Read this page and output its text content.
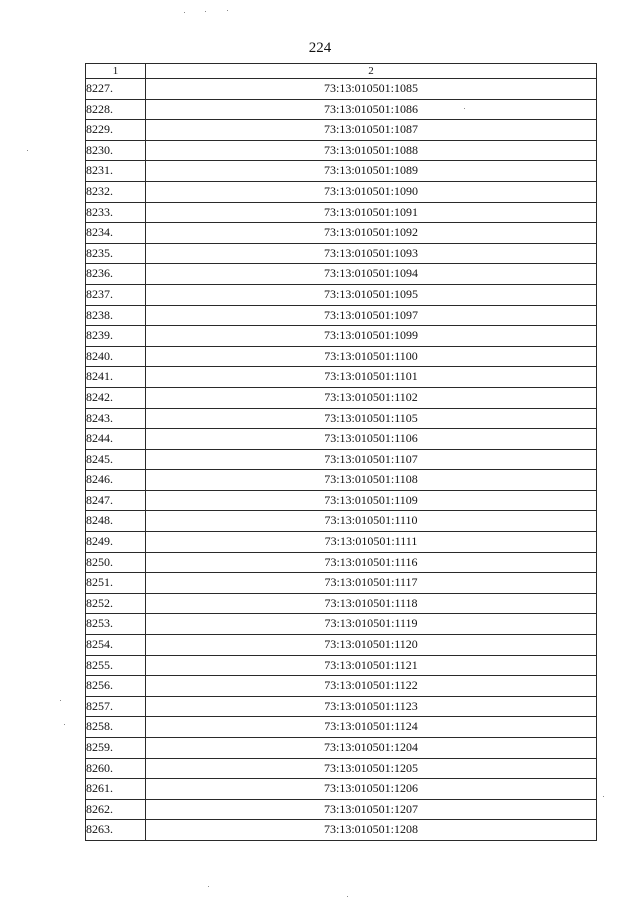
224
1	2
8227.	73:13:010501:1085
8228.	73:13:010501:1086
8229.	73:13:010501:1087
8230.	73:13:010501:1088
8231.	73:13:010501:1089
8232.	73:13:010501:1090
8233.	73:13:010501:1091
8234.	73:13:010501:1092
8235.	73:13:010501:1093
8236.	73:13:010501:1094
8237.	73:13:010501:1095
8238.	73:13:010501:1097
8239.	73:13:010501:1099
8240.	73:13:010501:1100
8241.	73:13:010501:1101
8242.	73:13:010501:1102
8243.	73:13:010501:1105
8244.	73:13:010501:1106
8245.	73:13:010501:1107
8246.	73:13:010501:1108
8247.	73:13:010501:1109
8248.	73:13:010501:1110
8249.	73:13:010501:1111
8250.	73:13:010501:1116
8251.	73:13:010501:1117
8252.	73:13:010501:1118
8253.	73:13:010501:1119
8254.	73:13:010501:1120
8255.	73:13:010501:1121
8256.	73:13:010501:1122
8257.	73:13:010501:1123
8258.	73:13:010501:1124
8259.	73:13:010501:1204
8260.	73:13:010501:1205
8261.	73:13:010501:1206
8262.	73:13:010501:1207
8263.	73:13:010501:1208
